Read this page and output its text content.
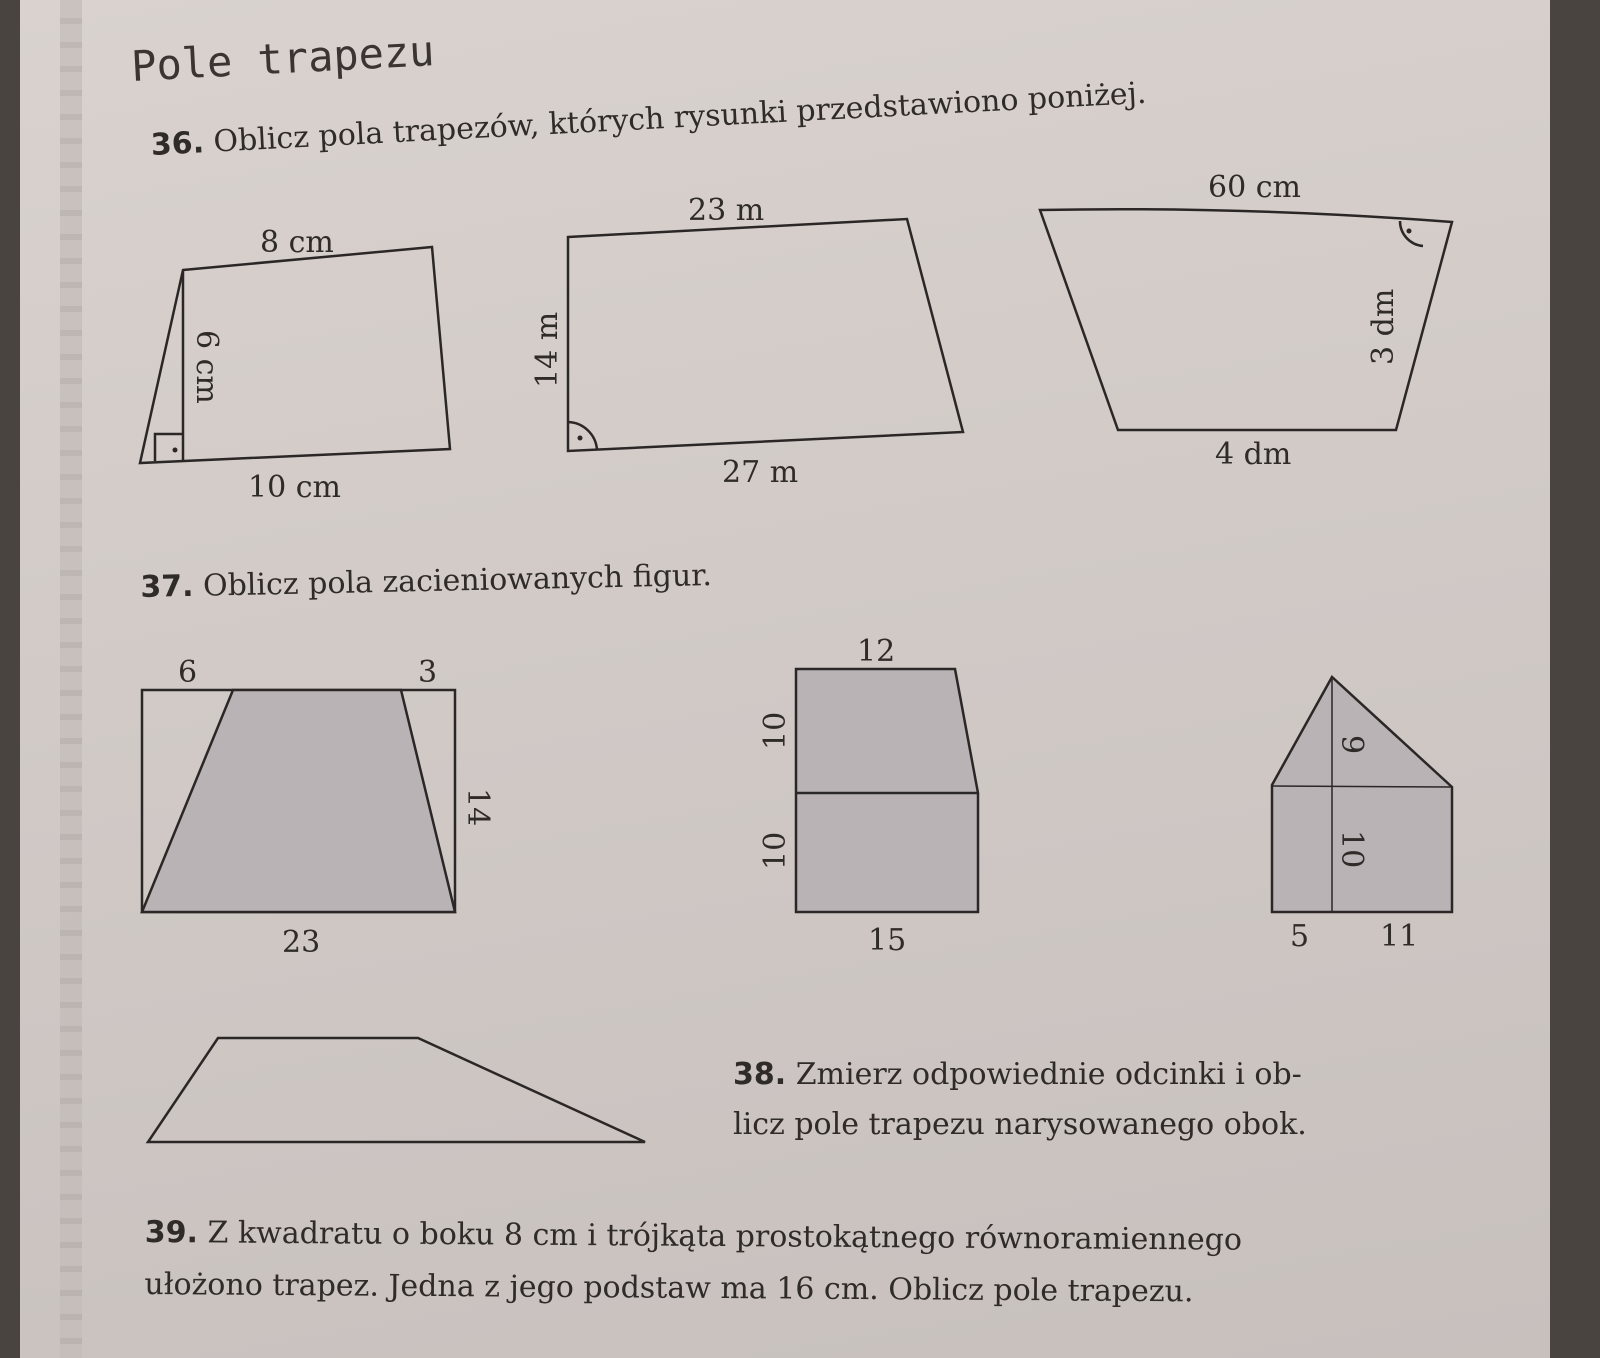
Pole trapezu
36. Oblicz pola trapezów, których rysunki przedstawiono poniżej.
37. Oblicz pola zacieniowanych figur.
38. Zmierz odpowiednie odcinki i ob-
licz pole trapezu narysowanego obok.
39. Z kwadratu o boku 8 cm i trójkąta prostokątnego równoramiennego
ułożono trapez. Jedna z jego podstaw ma 16 cm. Oblicz pole trapezu.
8 cm
10 cm
6 cm
23 m
27 m
14 m
60 cm
4 dm
3 dm
6	3
14
23
12
10
10
15
9
10
5 11
